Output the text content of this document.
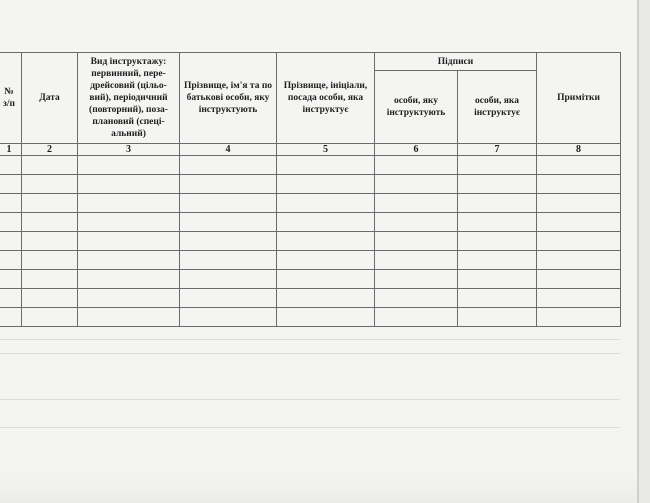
№ з/п	Дата	Вид інструктажу: первинний, пере-дрейсовий (цільо-вий), періодичний (повторний), поза-плановий (спеці-альний)	Прізвище, ім'я та по батькові особи, яку інструктують	Прізвище, ініціали, посада особи, яка інструктує	Підписи		Примітки

					особи, яку інструктують	особи, яка інструктує	

1	2	3	4	5	6	7	8
